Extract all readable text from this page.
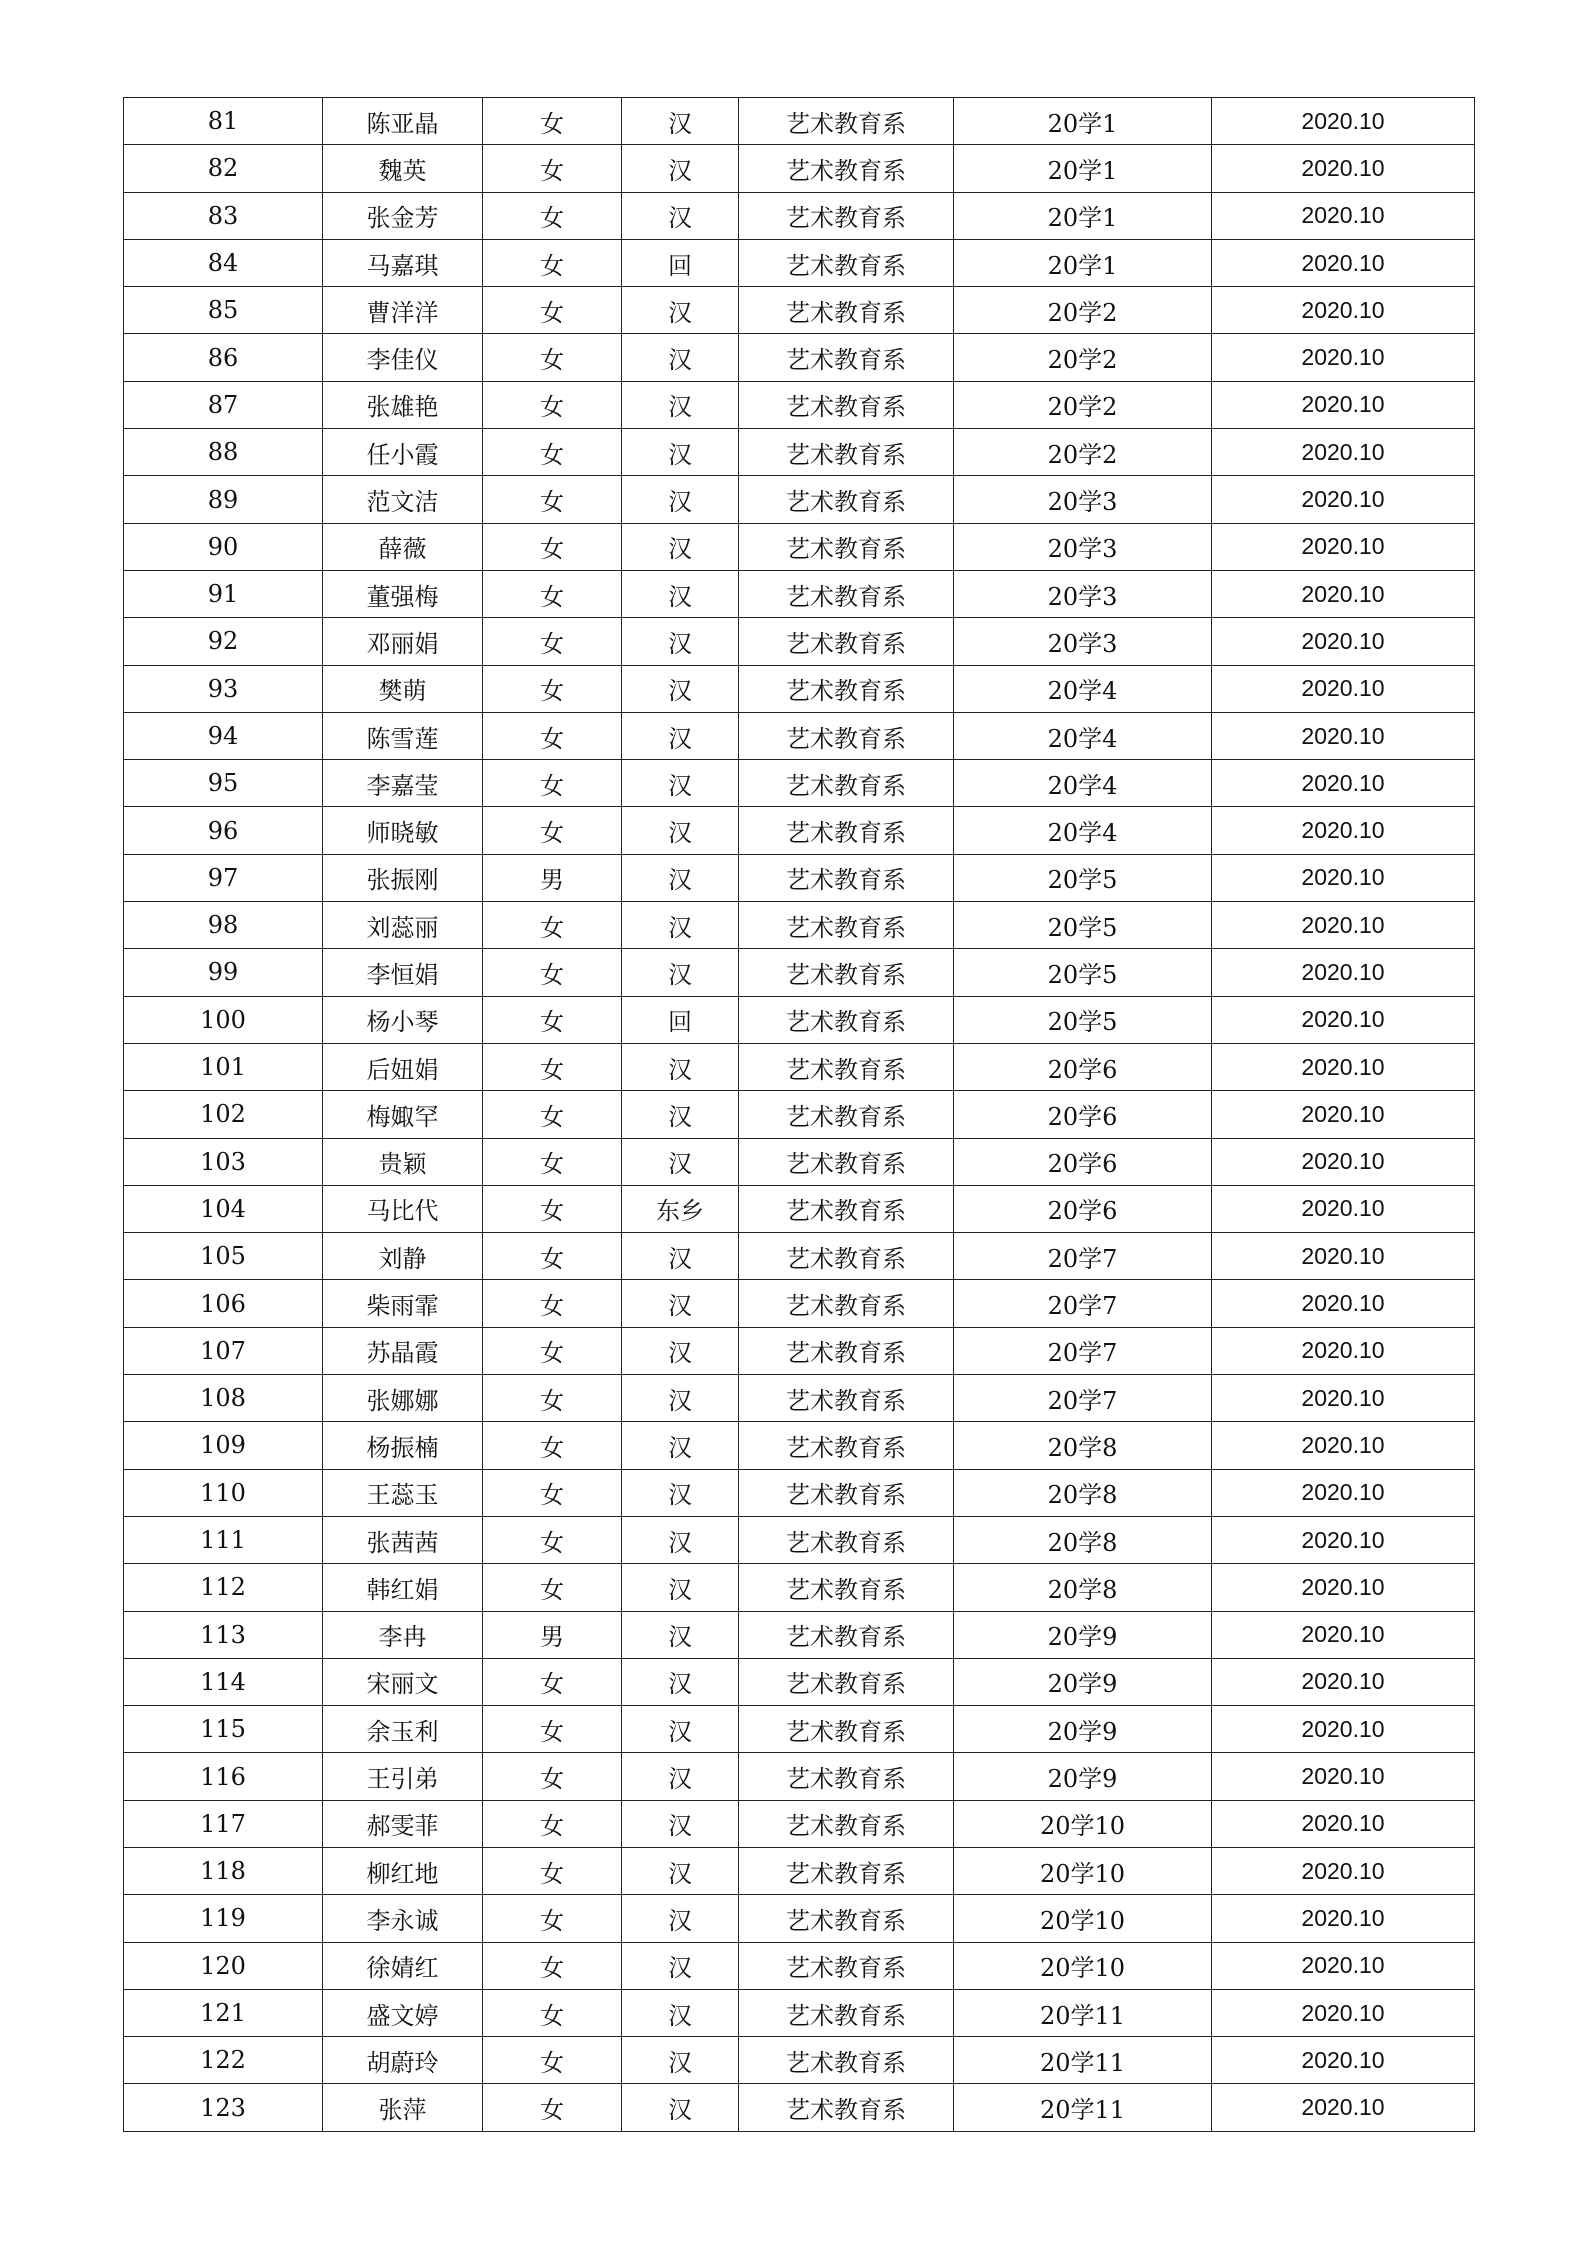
81	陈亚晶	女	汉	艺术教育系	20学1	2020.10
82	魏英	女	汉	艺术教育系	20学1	2020.10
83	张金芳	女	汉	艺术教育系	20学1	2020.10
84	马嘉琪	女	回	艺术教育系	20学1	2020.10
85	曹洋洋	女	汉	艺术教育系	20学2	2020.10
86	李佳仪	女	汉	艺术教育系	20学2	2020.10
87	张雄艳	女	汉	艺术教育系	20学2	2020.10
88	任小霞	女	汉	艺术教育系	20学2	2020.10
89	范文洁	女	汉	艺术教育系	20学3	2020.10
90	薛薇	女	汉	艺术教育系	20学3	2020.10
91	董强梅	女	汉	艺术教育系	20学3	2020.10
92	邓丽娟	女	汉	艺术教育系	20学3	2020.10
93	樊萌	女	汉	艺术教育系	20学4	2020.10
94	陈雪莲	女	汉	艺术教育系	20学4	2020.10
95	李嘉莹	女	汉	艺术教育系	20学4	2020.10
96	师晓敏	女	汉	艺术教育系	20学4	2020.10
97	张振刚	男	汉	艺术教育系	20学5	2020.10
98	刘蕊丽	女	汉	艺术教育系	20学5	2020.10
99	李恒娟	女	汉	艺术教育系	20学5	2020.10
100	杨小琴	女	回	艺术教育系	20学5	2020.10
101	后妞娟	女	汉	艺术教育系	20学6	2020.10
102	梅娵罕	女	汉	艺术教育系	20学6	2020.10
103	贵颖	女	汉	艺术教育系	20学6	2020.10
104	马比代	女	东乡	艺术教育系	20学6	2020.10
105	刘静	女	汉	艺术教育系	20学7	2020.10
106	柴雨霏	女	汉	艺术教育系	20学7	2020.10
107	苏晶霞	女	汉	艺术教育系	20学7	2020.10
108	张娜娜	女	汉	艺术教育系	20学7	2020.10
109	杨振楠	女	汉	艺术教育系	20学8	2020.10
110	王蕊玉	女	汉	艺术教育系	20学8	2020.10
111	张茜茜	女	汉	艺术教育系	20学8	2020.10
112	韩红娟	女	汉	艺术教育系	20学8	2020.10
113	李冉	男	汉	艺术教育系	20学9	2020.10
114	宋丽文	女	汉	艺术教育系	20学9	2020.10
115	余玉利	女	汉	艺术教育系	20学9	2020.10
116	王引弟	女	汉	艺术教育系	20学9	2020.10
117	郝雯菲	女	汉	艺术教育系	20学10	2020.10
118	柳红地	女	汉	艺术教育系	20学10	2020.10
119	李永诚	女	汉	艺术教育系	20学10	2020.10
120	徐婧红	女	汉	艺术教育系	20学10	2020.10
121	盛文婷	女	汉	艺术教育系	20学11	2020.10
122	胡蔚玲	女	汉	艺术教育系	20学11	2020.10
123	张萍	女	汉	艺术教育系	20学11	2020.10
